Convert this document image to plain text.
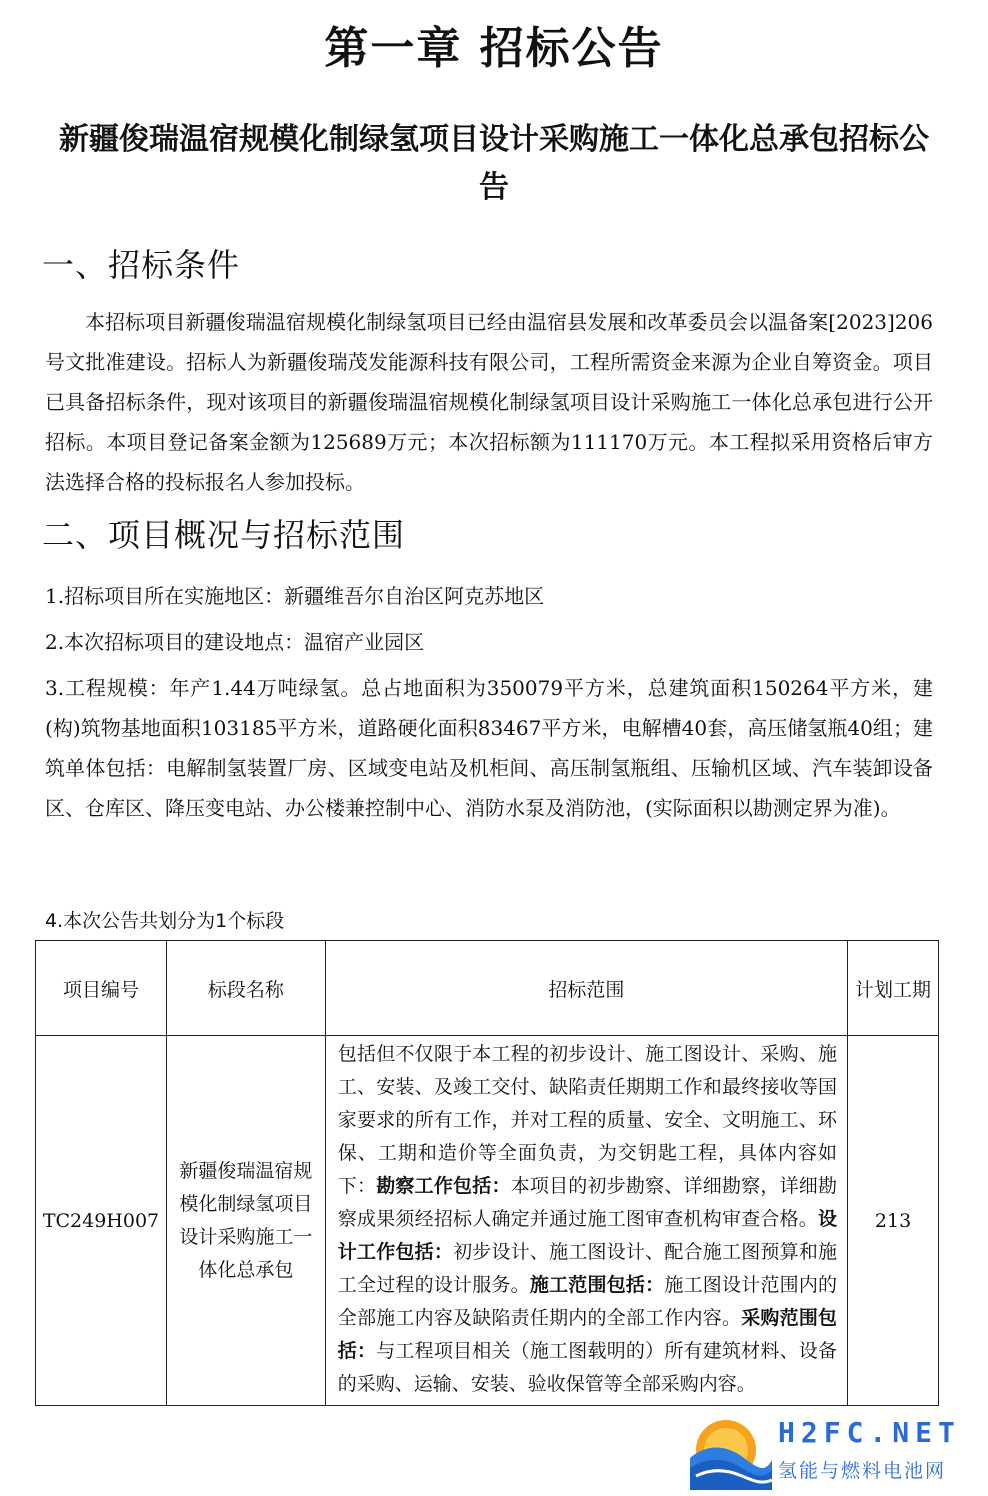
第一章 招标公告
新疆俊瑞温宿规模化制绿氢项目设计采购施工一体化总承包招标公告
一、招标条件

本招标项目新疆俊瑞温宿规模化制绿氢项目已经由温宿县发展和改革委员会以温备案[2023]206号文批准建设。招标人为新疆俊瑞茂发能源科技有限公司，工程所需资金来源为企业自筹资金。项目已具备招标条件，现对该项目的新疆俊瑞温宿规模化制绿氢项目设计采购施工一体化总承包进行公开招标。本项目登记备案金额为125689万元；本次招标额为111170万元。本工程拟采用资格后审方法选择合格的投标报名人参加投标。

二、项目概况与招标范围

1.招标项目所在实施地区：新疆维吾尔自治区阿克苏地区

2.本次招标项目的建设地点：温宿产业园区

3.工程规模：年产1.44万吨绿氢。总占地面积为350079平方米，总建筑面积150264平方米，建(构)筑物基地面积103185平方米，道路硬化面积83467平方米，电解槽40套，高压储氢瓶40组；建筑单体包括：电解制氢装置厂房、区域变电站及机柜间、高压制氢瓶组、压输机区域、汽车装卸设备区、仓库区、降压变电站、办公楼兼控制中心、消防水泵及消防池，(实际面积以勘测定界为准)。

4.本次公告共划分为1个标段

项目编号	标段名称	招标范围	计划工期
TC249H007	新疆俊瑞温宿规模化制绿氢项目设计采购施工一体化总承包	包括但不仅限于本工程的初步设计、施工图设计、采购、施工、安装、及竣工交付、缺陷责任期期工作和最终接收等国家要求的所有工作，并对工程的质量、安全、文明施工、环保、工期和造价等全面负责，为交钥匙工程，具体内容如下：勘察工作包括：本项目的初步勘察、详细勘察，详细勘察成果须经招标人确定并通过施工图审查机构审查合格。设计工作包括：初步设计、施工图设计、配合施工图预算和施工全过程的设计服务。施工范围包括：施工图设计范围内的全部施工内容及缺陷责任期内的全部工作内容。采购范围包括：与工程项目相关（施工图载明的）所有建筑材料、设备的采购、运输、安装、验收保管等全部采购内容。	213
H2FC.NET
氢能与燃料电池网
